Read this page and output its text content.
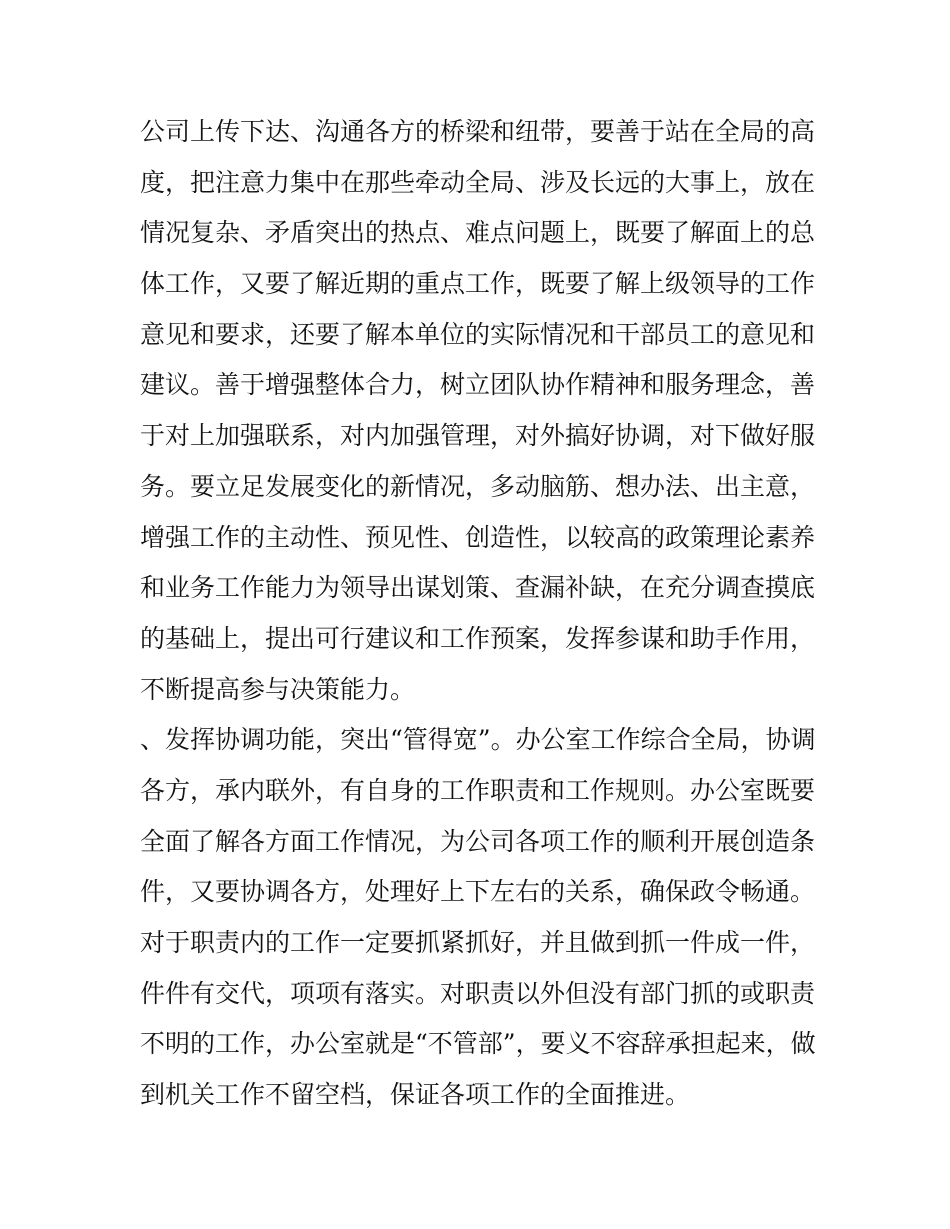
公司上传下达、沟通各方的桥梁和纽带，要善于站在全局的高
度，把注意力集中在那些牵动全局、涉及长远的大事上，放在
情况复杂、矛盾突出的热点、难点问题上，既要了解面上的总
体工作，又要了解近期的重点工作，既要了解上级领导的工作
意见和要求，还要了解本单位的实际情况和干部员工的意见和
建议。善于增强整体合力，树立团队协作精神和服务理念，善
于对上加强联系，对内加强管理，对外搞好协调，对下做好服
务。要立足发展变化的新情况，多动脑筋、想办法、出主意，
增强工作的主动性、预见性、创造性，以较高的政策理论素养
和业务工作能力为领导出谋划策、查漏补缺，在充分调查摸底
的基础上，提出可行建议和工作预案，发挥参谋和助手作用，
不断提高参与决策能力。
、发挥协调功能，突出“管得宽”。办公室工作综合全局，协调
各方，承内联外，有自身的工作职责和工作规则。办公室既要
全面了解各方面工作情况，为公司各项工作的顺利开展创造条
件，又要协调各方，处理好上下左右的关系，确保政令畅通。
对于职责内的工作一定要抓紧抓好，并且做到抓一件成一件，
件件有交代，项项有落实。对职责以外但没有部门抓的或职责
不明的工作，办公室就是“不管部”，要义不容辞承担起来，做
到机关工作不留空档，保证各项工作的全面推进。
